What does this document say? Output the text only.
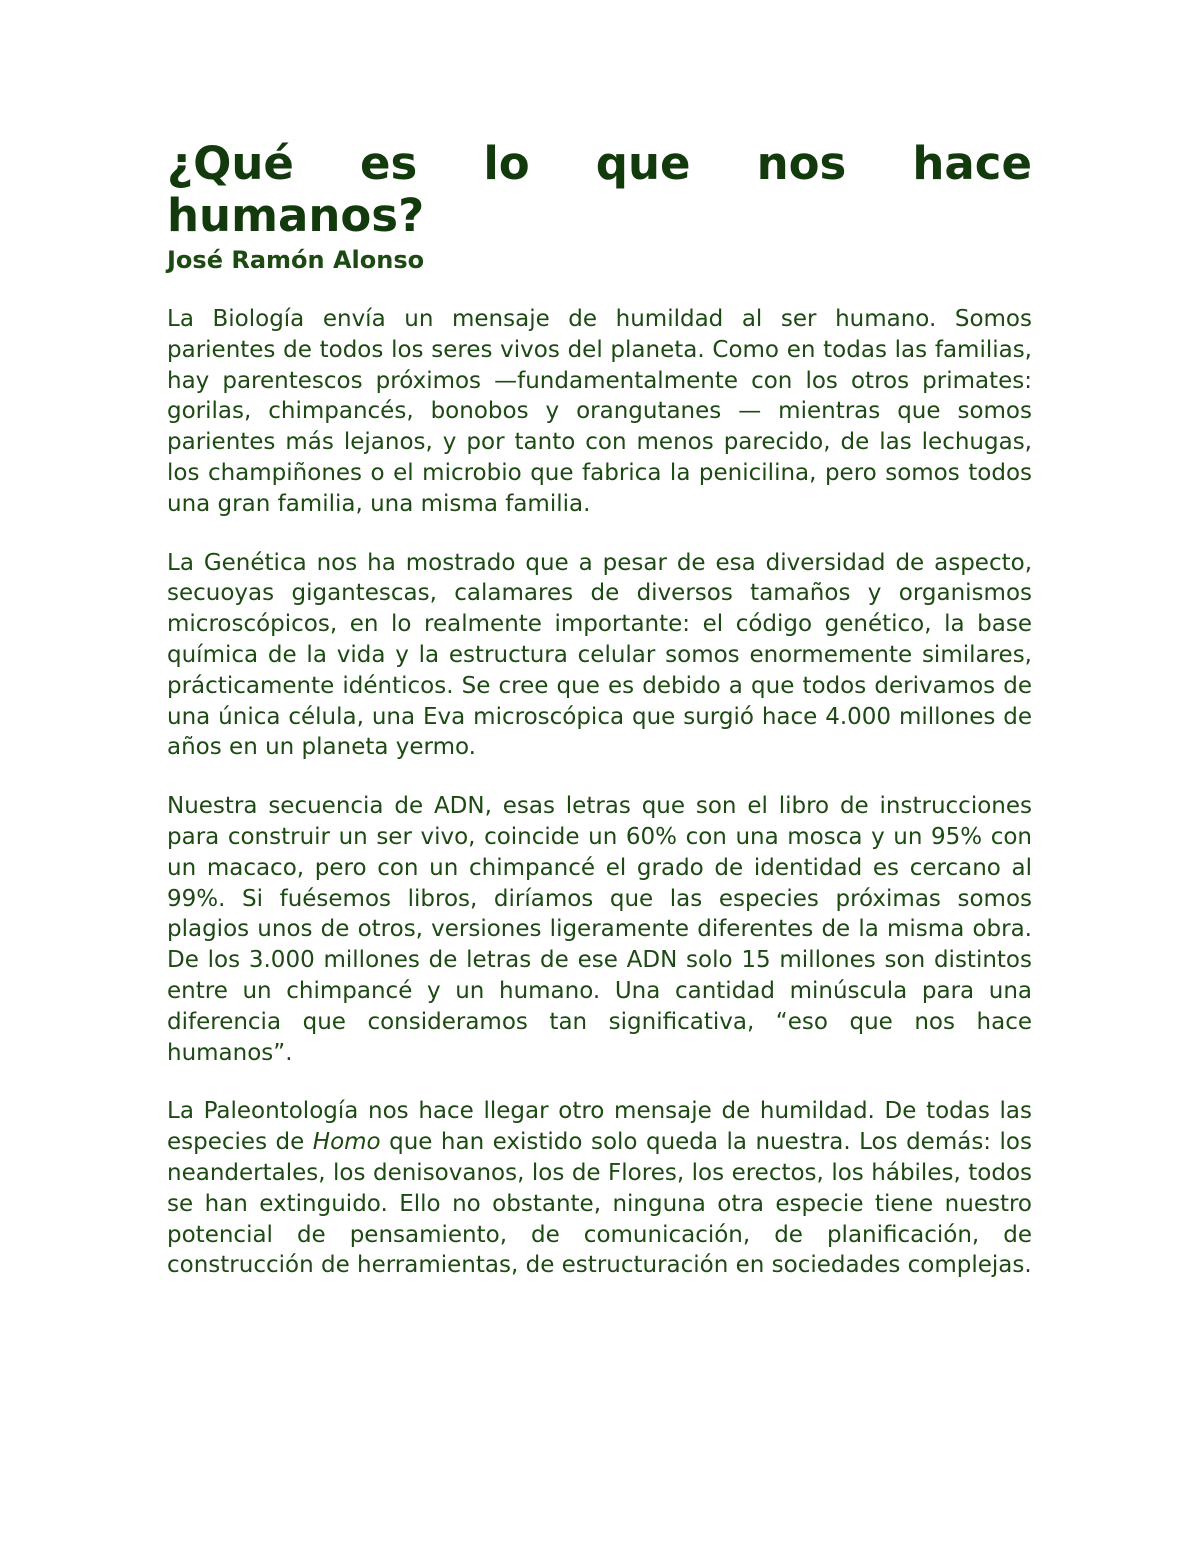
¿Qué es lo que nos hace humanos?
José Ramón Alonso

La Biología envía un mensaje de humildad al ser humano. Somos parientes de todos los seres vivos del planeta. Como en todas las familias, hay parentescos próximos —fundamentalmente con los otros primates: gorilas, chimpancés, bonobos y orangutanes — mientras que somos parientes más lejanos, y por tanto con menos parecido, de las lechugas, los champiñones o el microbio que fabrica la penicilina, pero somos todos una gran familia, una misma familia.

La Genética nos ha mostrado que a pesar de esa diversidad de aspecto, secuoyas gigantescas, calamares de diversos tamaños y organismos microscópicos, en lo realmente importante: el código genético, la base química de la vida y la estructura celular somos enormemente similares, prácticamente idénticos. Se cree que es debido a que todos derivamos de una única célula, una Eva microscópica que surgió hace 4.000 millones de años en un planeta yermo.

Nuestra secuencia de ADN, esas letras que son el libro de instrucciones para construir un ser vivo, coincide un 60% con una mosca y un 95% con un macaco, pero con un chimpancé el grado de identidad es cercano al 99%. Si fuésemos libros, diríamos que las especies próximas somos plagios unos de otros, versiones ligeramente diferentes de la misma obra. De los 3.000 millones de letras de ese ADN solo 15 millones son distintos entre un chimpancé y un humano. Una cantidad minúscula para una diferencia que consideramos tan significativa, “eso que nos hace humanos”.

La Paleontología nos hace llegar otro mensaje de humildad. De todas las especies de Homo que han existido solo queda la nuestra. Los demás: los neandertales, los denisovanos, los de Flores, los erectos, los hábiles, todos se han extinguido. Ello no obstante, ninguna otra especie tiene nuestro potencial de pensamiento, de comunicación, de planificación, de construcción de herramientas, de estructuración en sociedades complejas.
